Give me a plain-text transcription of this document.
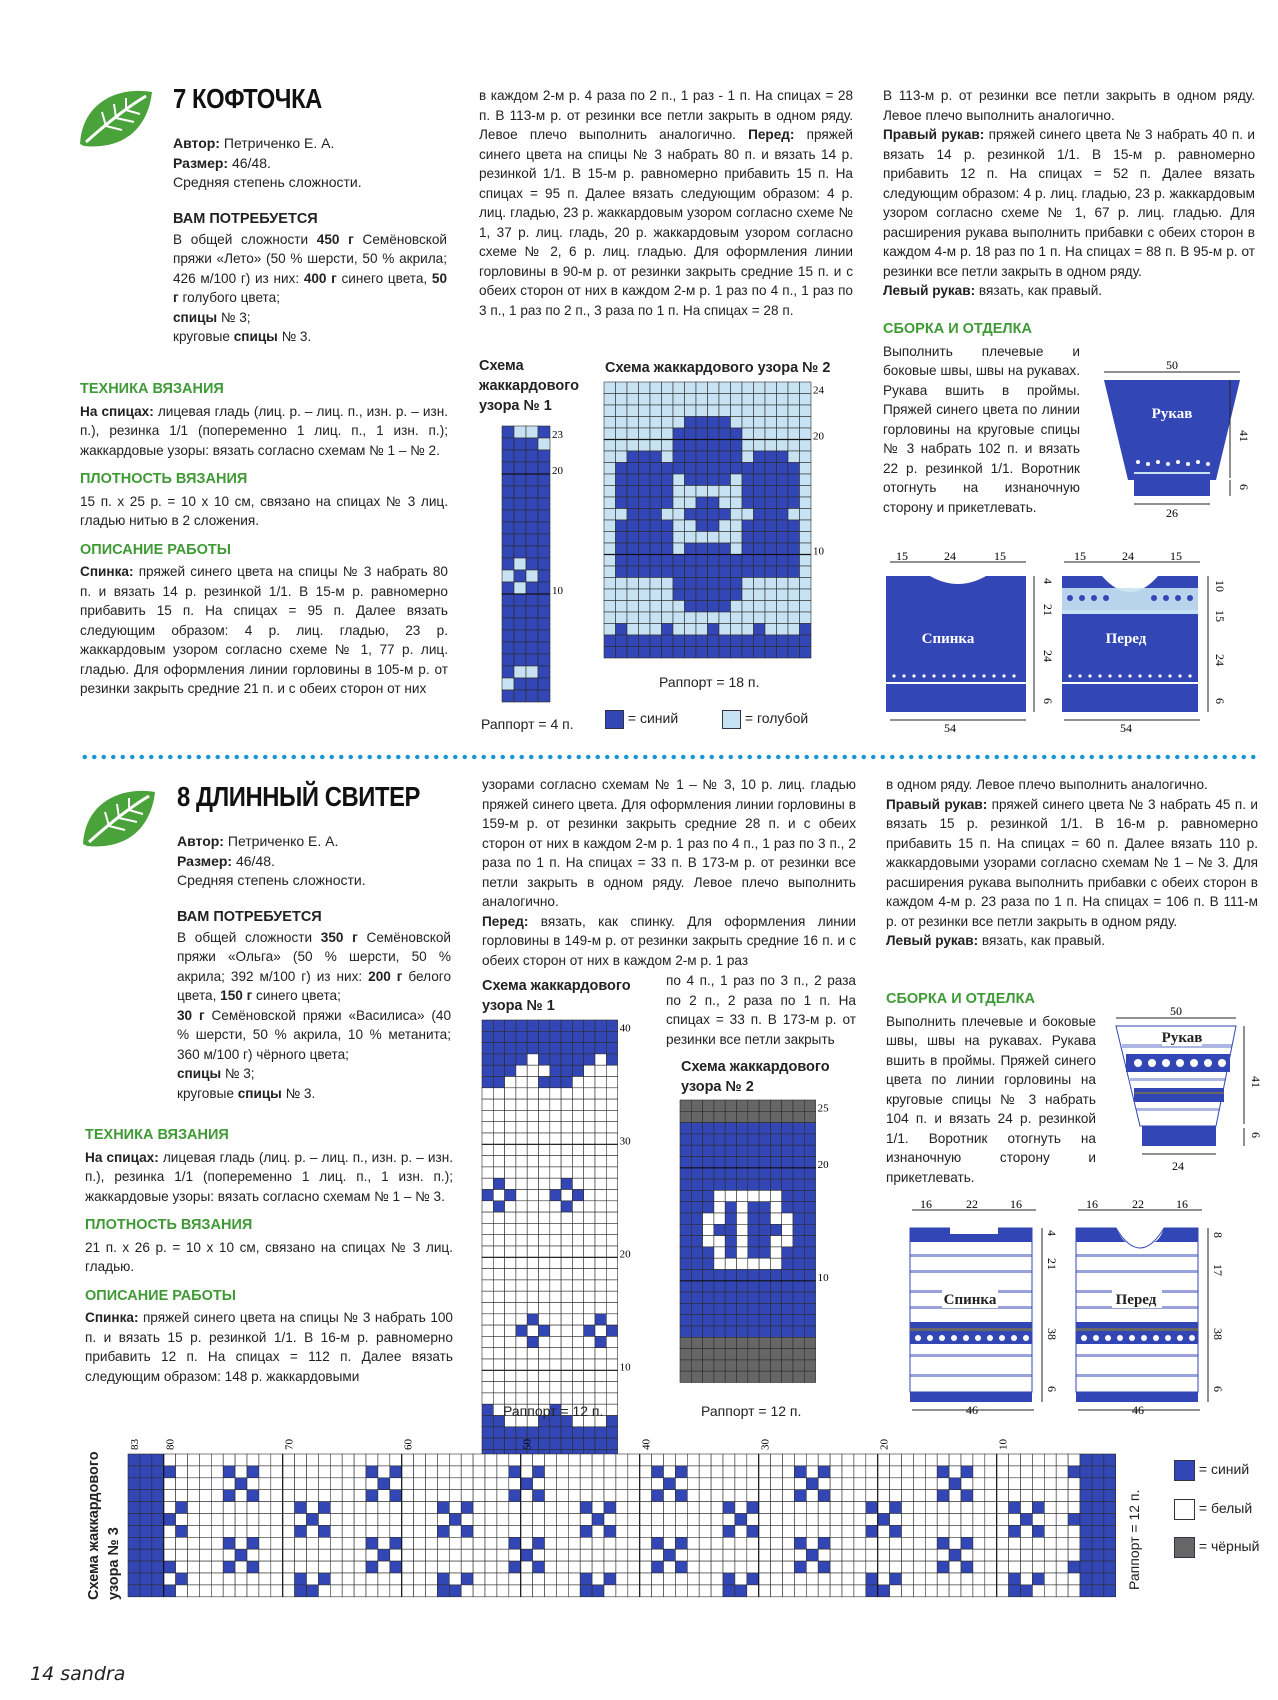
7 КОФТОЧКА
Автор: Петриченко Е. А.
Размер: 46/48.
Средняя степень сложности.
ВАМ ПОТРЕБУЕТСЯ

В общей сложности 450 г Семёновской пряжи «Лето» (50 % шерсти, 50 % акрила; 426 м/100 г) из них: 400 г синего цвета, 50 г голубого цвета;

спицы № 3;

круговые спицы № 3.

ТЕХНИКА ВЯЗАНИЯ

На спицах: лицевая гладь (лиц. р. – лиц. п., изн. р. – изн. п.), резинка 1/1 (попеременно 1 лиц. п., 1 изн. п.); жаккардовые узоры: вязать согласно схемам № 1 – № 2.

ПЛОТНОСТЬ ВЯЗАНИЯ

15 п. х 25 р. = 10 х 10 см, связано на спицах № 3 лиц. гладью нитью в 2 сложения.

ОПИСАНИЕ РАБОТЫ

Спинка: пряжей синего цвета на спицы № 3 набрать 80 п. и вязать 14 р. резинкой 1/1. В 15-м р. равномерно прибавить 15 п. На спицах = 95 п. Далее вязать следующим образом: 4 р. лиц. гладью, 23 р. жаккардовым узором согласно схеме № 1, 77 р. лиц. гладью. Для оформления линии горловины в 105-м р. от резинки закрыть средние 21 п. и с обеих сторон от них

в каждом 2-м р. 4 раза по 2 п., 1 раз - 1 п. На спицах = 28 п. В 113-м р. от резинки все петли закрыть в одном ряду. Левое плечо выполнить аналогично. Перед: пряжей синего цвета на спицы № 3 набрать 80 п. и вязать 14 р. резинкой 1/1. В 15-м р. равномерно прибавить 15 п. На спицах = 95 п. Далее вязать следующим образом: 4 р. лиц. гладью, 23 р. жаккардовым узором согласно схеме № 1, 37 р. лиц. гладь, 20 р. жаккардовым узором согласно схеме № 2, 6 р. лиц. гладью. Для оформления линии горловины в 90-м р. от резинки закрыть средние 15 п. и с обеих сторон от них в каждом 2-м р. 1 раз по 4 п., 1 раз по 3 п., 1 раз по 2 п., 3 раза по 1 п. На спицах = 28 п.

В 113-м р. от резинки все петли закрыть в одном ряду. Левое плечо выполнить аналогично.

Правый рукав: пряжей синего цвета № 3 набрать 40 п. и вязать 14 р. резинкой 1/1. В 15-м р. равномерно прибавить 12 п. На спицах = 52 п. Далее вязать следующим образом: 4 р. лиц. гладью, 23 р. жаккардовым узором согласно схеме № 1, 67 р. лиц. гладью. Для расширения рукава выполнить прибавки с обеих сторон в каждом 4-м р. 18 раз по 1 п. На спицах = 88 п. В 95-м р. от резинки все петли закрыть в одном ряду.

Левый рукав: вязать, как правый.

СБОРКА И ОТДЕЛКА

Выполнить плечевые и боковые швы, швы на рукавах. Рукава вшить в проймы. Пряжей синего цвета по линии горловины на круговые спицы № 3 набрать 102 п. и вязать 22 р. резинкой 1/1. Воротник отогнуть на изнаночную сторону и прикетлевать.

Схема жаккардового узора № 1
Схема жаккардового узора № 2
23
20
10
24
20
10
Раппорт = 4 п.
Раппорт = 18 п.
= синий	= голубой
Рукав
50
26
41
6
Спинка
15	24	15
54
4
21
24
6
Перед
15	24	15
54
10
15
24
6
8 ДЛИННЫЙ СВИТЕР
Автор: Петриченко Е. А.
Размер: 46/48.
Средняя степень сложности.
ВАМ ПОТРЕБУЕТСЯ

В общей сложности 350 г Семёновской пряжи «Ольга» (50 % шерсти, 50 % акрила; 392 м/100 г) из них: 200 г белого цвета, 150 г синего цвета;

30 г Семёновской пряжи «Василиса» (40 % шерсти, 50 % акрила, 10 % метанита; 360 м/100 г) чёрного цвета;

спицы № 3;

круговые спицы № 3.

ТЕХНИКА ВЯЗАНИЯ

На спицах: лицевая гладь (лиц. р. – лиц. п., изн. р. – изн. п.), резинка 1/1 (попеременно 1 лиц. п., 1 изн. п.); жаккардовые узоры: вязать согласно схемам № 1 – № 3.

ПЛОТНОСТЬ ВЯЗАНИЯ

21 п. х 26 р. = 10 х 10 см, связано на спицах № 3 лиц. гладью.

ОПИСАНИЕ РАБОТЫ

Спинка: пряжей синего цвета на спицы № 3 набрать 100 п. и вязать 15 р. резинкой 1/1. В 16-м р. равномерно прибавить 12 п. На спицах = 112 п. Далее вязать следующим образом: 148 р. жаккардовыми

узорами согласно схемам № 1 – № 3, 10 р. лиц. гладью пряжей синего цвета. Для оформления линии горловины в 159-м р. от резинки закрыть средние 28 п. и с обеих сторон от них в каждом 2-м р. 1 раз по 4 п., 1 раз по 3 п., 2 раза по 1 п. На спицах = 33 п. В 173-м р. от резинки все петли закрыть в одном ряду. Левое плечо выполнить аналогично.

Перед: вязать, как спинку. Для оформления линии горловины в 149-м р. от резинки закрыть средние 16 п. и с обеих сторон от них в каждом 2-м р. 1 раз

по 4 п., 1 раз по 3 п., 2 раза по 2 п., 2 раза по 1 п. На спицах = 33 п. В 173-м р. от резинки все петли закрыть

в одном ряду. Левое плечо выполнить аналогично.

Правый рукав: пряжей синего цвета № 3 набрать 45 п. и вязать 15 р. резинкой 1/1. В 16-м р. равномерно прибавить 15 п. На спицах = 60 п. Далее вязать 110 р. жаккардовыми узорами согласно схемам № 1 – № 3. Для расширения рукава выполнить прибавки с обеих сторон в каждом 4-м р. 23 раза по 1 п. На спицах = 106 п. В 111-м р. от резинки все петли закрыть в одном ряду.

Левый рукав: вязать, как правый.

СБОРКА И ОТДЕЛКА

Выполнить плечевые и боковые швы, швы на рукавах. Рукава вшить в проймы. Пряжей синего цвета по линии горловины на круговые спицы № 3 набрать 104 п. и вязать 24 р. резинкой 1/1. Воротник отогнуть на изнаночную сторону и прикетлевать.

Схема жаккардового узора № 1
Схема жаккардового узора № 2
40
30
20
10
25
20
10
Раппорт = 12 п.	Раппорт = 12 п.
Рукав
50
24
41
6
Спинка
16	22	16
46
4
21
38
6
Перед
16	22	16
46
8
17
38
6
Схема жаккардового узора № 3
83 80	70	60	50	40	30	20	10
Раппорт = 12 п.
= синий
= белый
= чёрный
14 sandra
